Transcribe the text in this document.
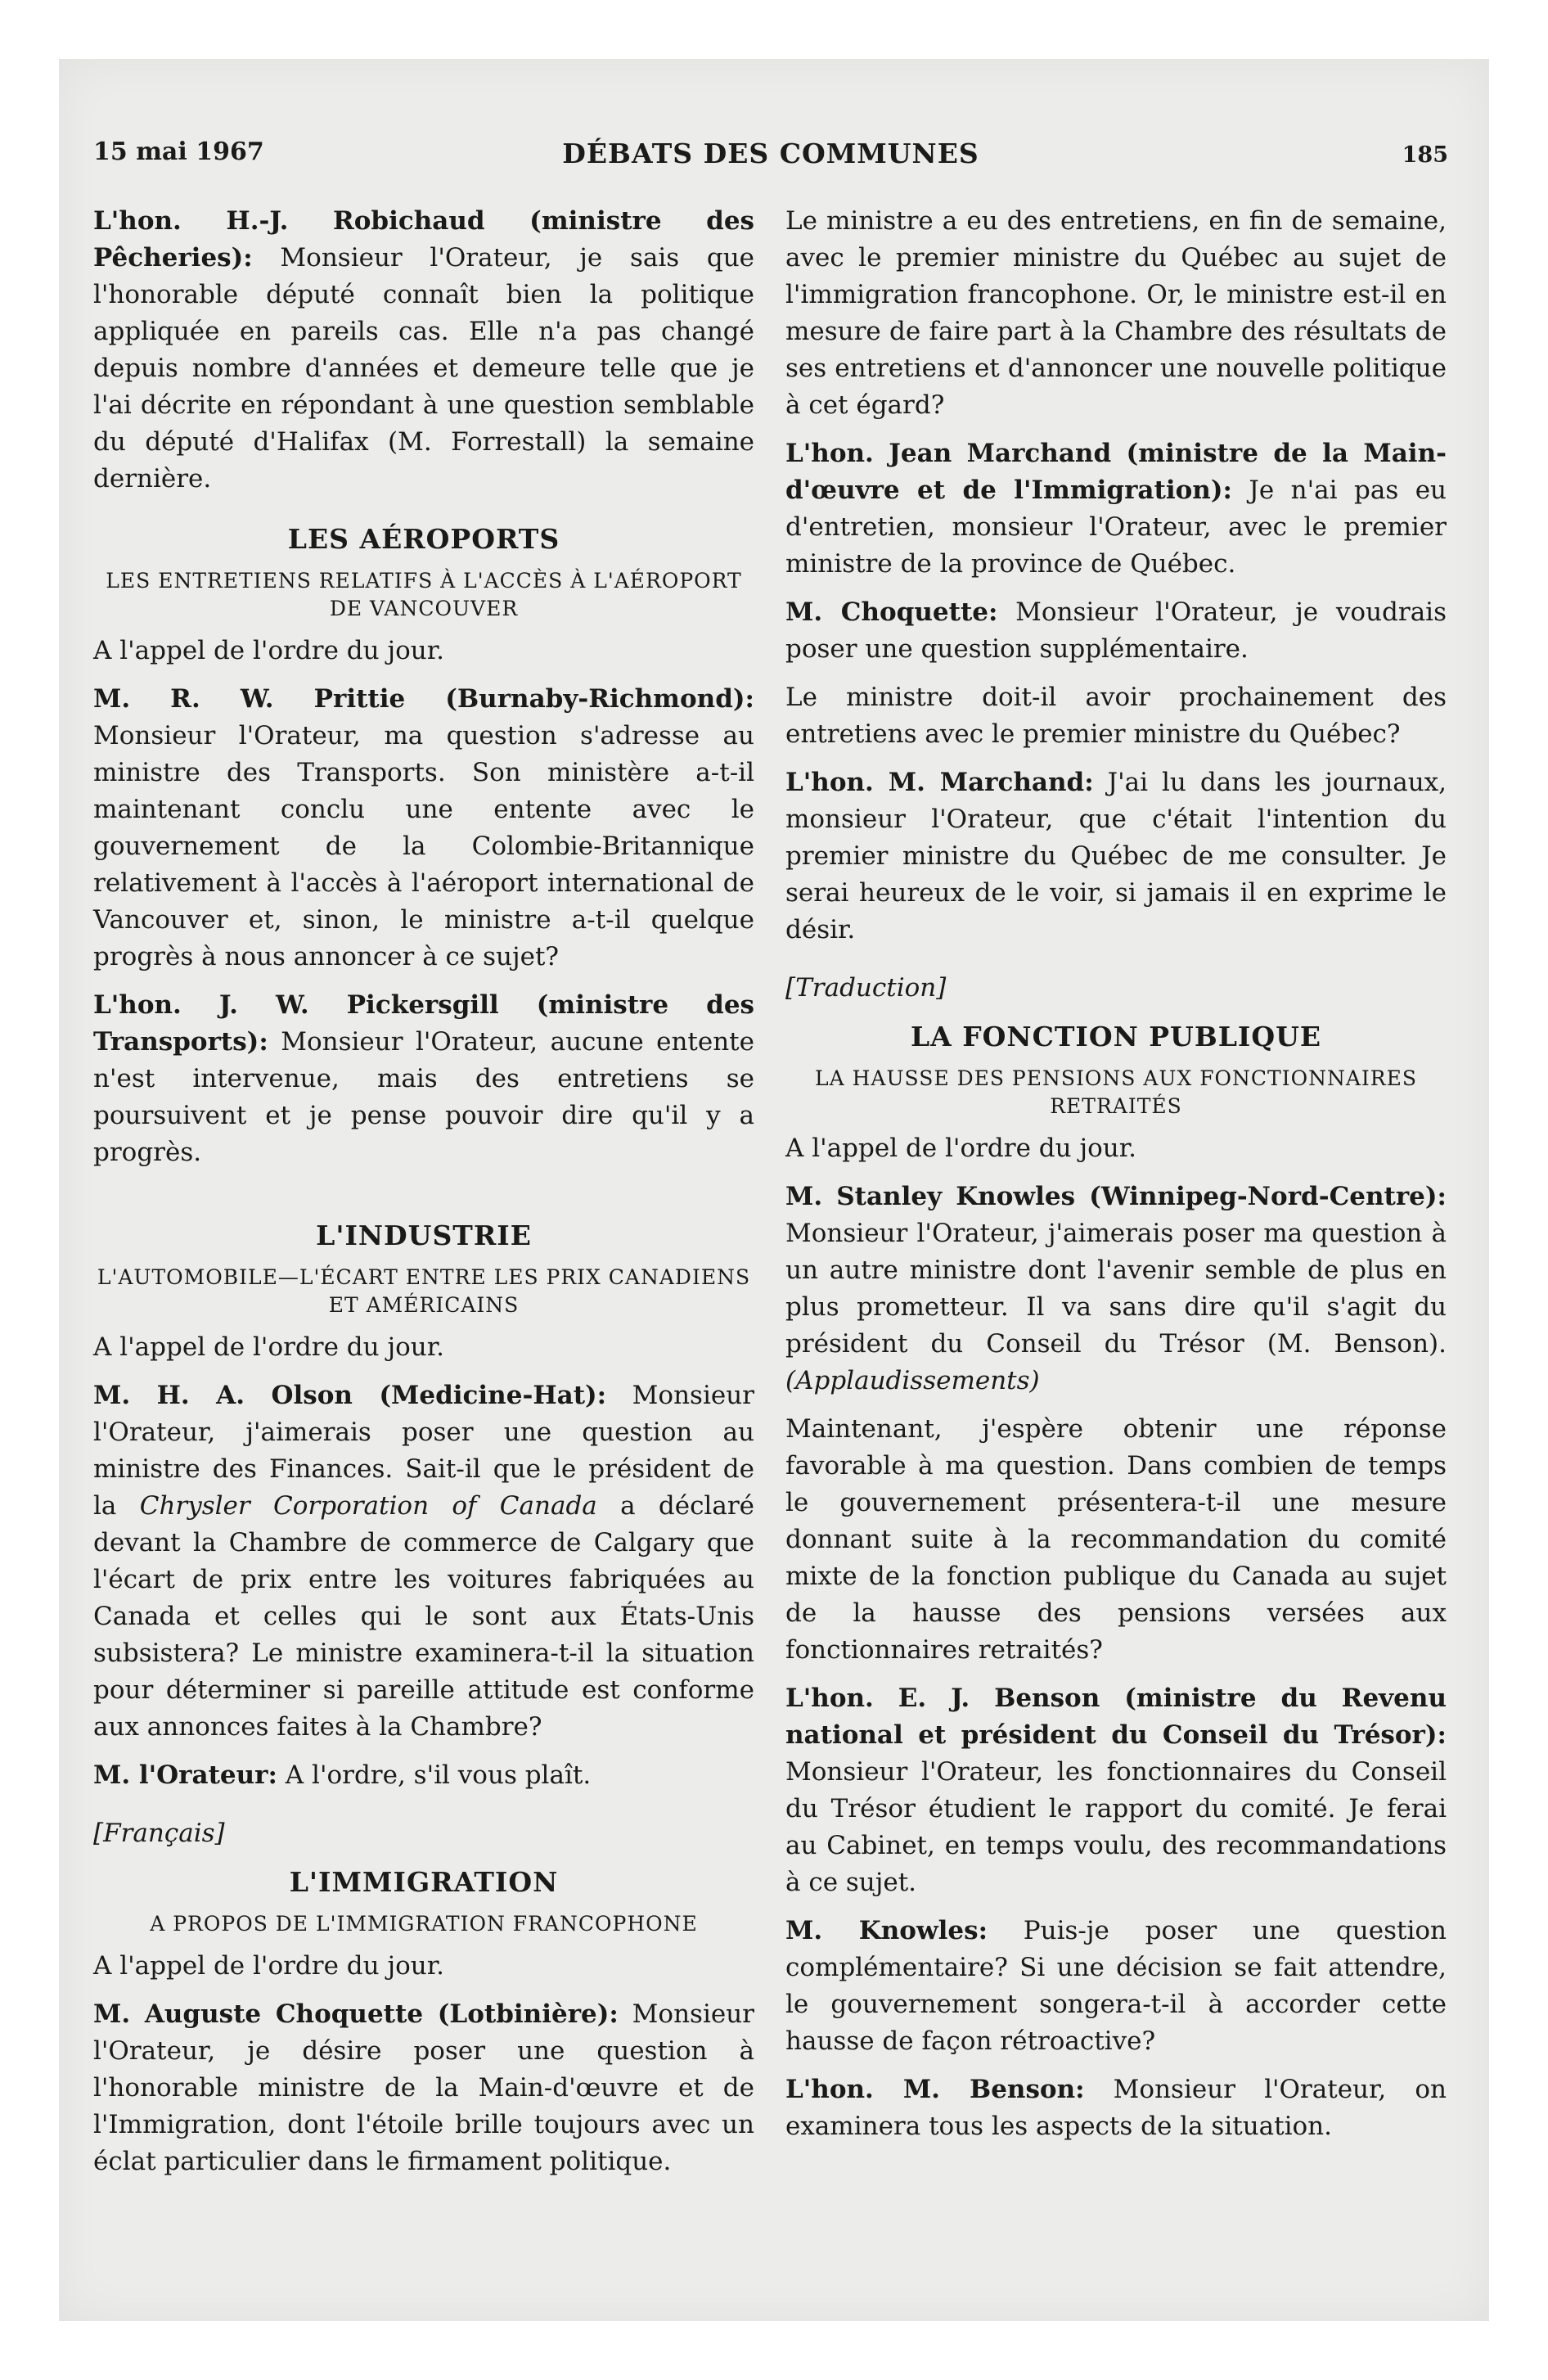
15 mai 1967	DÉBATS DES COMMUNES	185

L'hon. H.-J. Robichaud (ministre des Pêcheries): Monsieur l'Orateur, je sais que l'honorable député connaît bien la politique appliquée en pareils cas. Elle n'a pas changé depuis nombre d'années et demeure telle que je l'ai décrite en répondant à une question semblable du député d'Halifax (M. Forrestall) la semaine dernière.

LES AÉROPORTS
LES ENTRETIENS RELATIFS À L'ACCÈS À L'AÉROPORT DE VANCOUVER

A l'appel de l'ordre du jour.

M. R. W. Prittie (Burnaby-Richmond): Monsieur l'Orateur, ma question s'adresse au ministre des Transports. Son ministère a-t-il maintenant conclu une entente avec le gouvernement de la Colombie-Britannique relativement à l'accès à l'aéroport international de Vancouver et, sinon, le ministre a-t-il quelque progrès à nous annoncer à ce sujet?

L'hon. J. W. Pickersgill (ministre des Transports): Monsieur l'Orateur, aucune entente n'est intervenue, mais des entretiens se poursuivent et je pense pouvoir dire qu'il y a progrès.

L'INDUSTRIE
L'AUTOMOBILE—L'ÉCART ENTRE LES PRIX CANADIENS ET AMÉRICAINS

A l'appel de l'ordre du jour.

M. H. A. Olson (Medicine-Hat): Monsieur l'Orateur, j'aimerais poser une question au ministre des Finances. Sait-il que le président de la Chrysler Corporation of Canada a déclaré devant la Chambre de commerce de Calgary que l'écart de prix entre les voitures fabriquées au Canada et celles qui le sont aux États-Unis subsistera? Le ministre examinera-t-il la situation pour déterminer si pareille attitude est conforme aux annonces faites à la Chambre?

M. l'Orateur: A l'ordre, s'il vous plaît.

[Français]

L'IMMIGRATION
A PROPOS DE L'IMMIGRATION FRANCOPHONE

A l'appel de l'ordre du jour.

M. Auguste Choquette (Lotbinière): Monsieur l'Orateur, je désire poser une question à l'honorable ministre de la Main-d'œuvre et de l'Immigration, dont l'étoile brille toujours avec un éclat particulier dans le firmament politique.

Le ministre a eu des entretiens, en fin de semaine, avec le premier ministre du Québec au sujet de l'immigration francophone. Or, le ministre est-il en mesure de faire part à la Chambre des résultats de ses entretiens et d'annoncer une nouvelle politique à cet égard?

L'hon. Jean Marchand (ministre de la Main-d'œuvre et de l'Immigration): Je n'ai pas eu d'entretien, monsieur l'Orateur, avec le premier ministre de la province de Québec.

M. Choquette: Monsieur l'Orateur, je voudrais poser une question supplémentaire.

Le ministre doit-il avoir prochainement des entretiens avec le premier ministre du Québec?

L'hon. M. Marchand: J'ai lu dans les journaux, monsieur l'Orateur, que c'était l'intention du premier ministre du Québec de me consulter. Je serai heureux de le voir, si jamais il en exprime le désir.

[Traduction]

LA FONCTION PUBLIQUE
LA HAUSSE DES PENSIONS AUX FONCTIONNAIRES RETRAITÉS

A l'appel de l'ordre du jour.

M. Stanley Knowles (Winnipeg-Nord-Centre): Monsieur l'Orateur, j'aimerais poser ma question à un autre ministre dont l'avenir semble de plus en plus prometteur. Il va sans dire qu'il s'agit du président du Conseil du Trésor (M. Benson). (Applaudissements)

Maintenant, j'espère obtenir une réponse favorable à ma question. Dans combien de temps le gouvernement présentera-t-il une mesure donnant suite à la recommandation du comité mixte de la fonction publique du Canada au sujet de la hausse des pensions versées aux fonctionnaires retraités?

L'hon. E. J. Benson (ministre du Revenu national et président du Conseil du Trésor): Monsieur l'Orateur, les fonctionnaires du Conseil du Trésor étudient le rapport du comité. Je ferai au Cabinet, en temps voulu, des recommandations à ce sujet.

M. Knowles: Puis-je poser une question complémentaire? Si une décision se fait attendre, le gouvernement songera-t-il à accorder cette hausse de façon rétroactive?

L'hon. M. Benson: Monsieur l'Orateur, on examinera tous les aspects de la situation.
